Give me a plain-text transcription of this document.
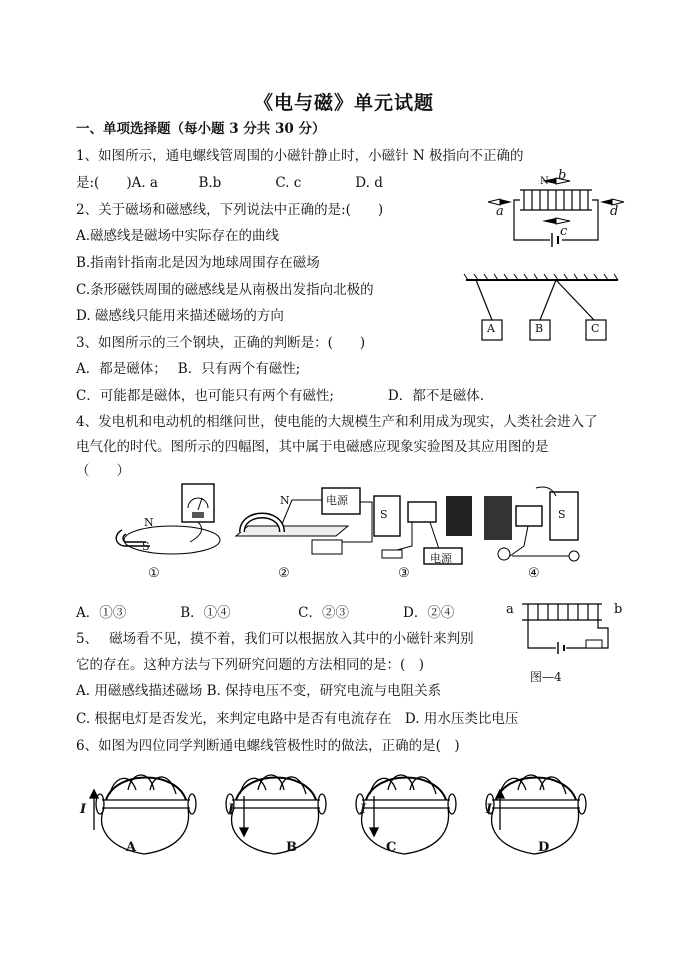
《电与磁》单元试题
一、单项选择题（每小题 3 分共 30 分）
1、如图所示，通电螺线管周围的小磁针静止时，小磁针 N 极指向不正确的
是:(　　)A. a　　　B.b　　　　C. c　　　　D. d	b
N
a	d
c
2、关于磁场和磁感线，下列说法中正确的是:(　　)
A.磁感线是磁场中实际存在的曲线
B.指南针指南北是因为地球周围存在磁场
C.条形磁铁周围的磁感线是从南极出发指向北极的
D. 磁感线只能用来描述磁场的方向
A	B	C
3、如图所示的三个钢块，正确的判断是：(　　)
A．都是磁体；　 B．只有两个有磁性;
C．可能都是磁体，也可能只有两个有磁性;　　　　D．都不是磁体.
4、发电机和电动机的相继问世，使电能的大规模生产和利用成为现实，人类社会进入了
电气化的时代。图所示的四幅图，其中属于电磁感应现象实验图及其应用图的是
（　　）
N
S
N	电源
S
电源
S
①	②	③	④
A．①③　　　　B．①④　　　　　C．②③　　　　D．②④	a	b
图—4
5、　 磁场看不见，摸不着，我们可以根据放入其中的小磁针来判别
它的存在。这种方法与下列研究问题的方法相同的是：(　)
A. 用磁感线描述磁场 B. 保持电压不变，研究电流与电阻关系
C. 根据电灯是否发光，来判定电路中是否有电流存在　D. 用水压类比电压
6、如图为四位同学判断通电螺线管极性时的做法，正确的是(　)
I	I	I	I
A	B	C	D
